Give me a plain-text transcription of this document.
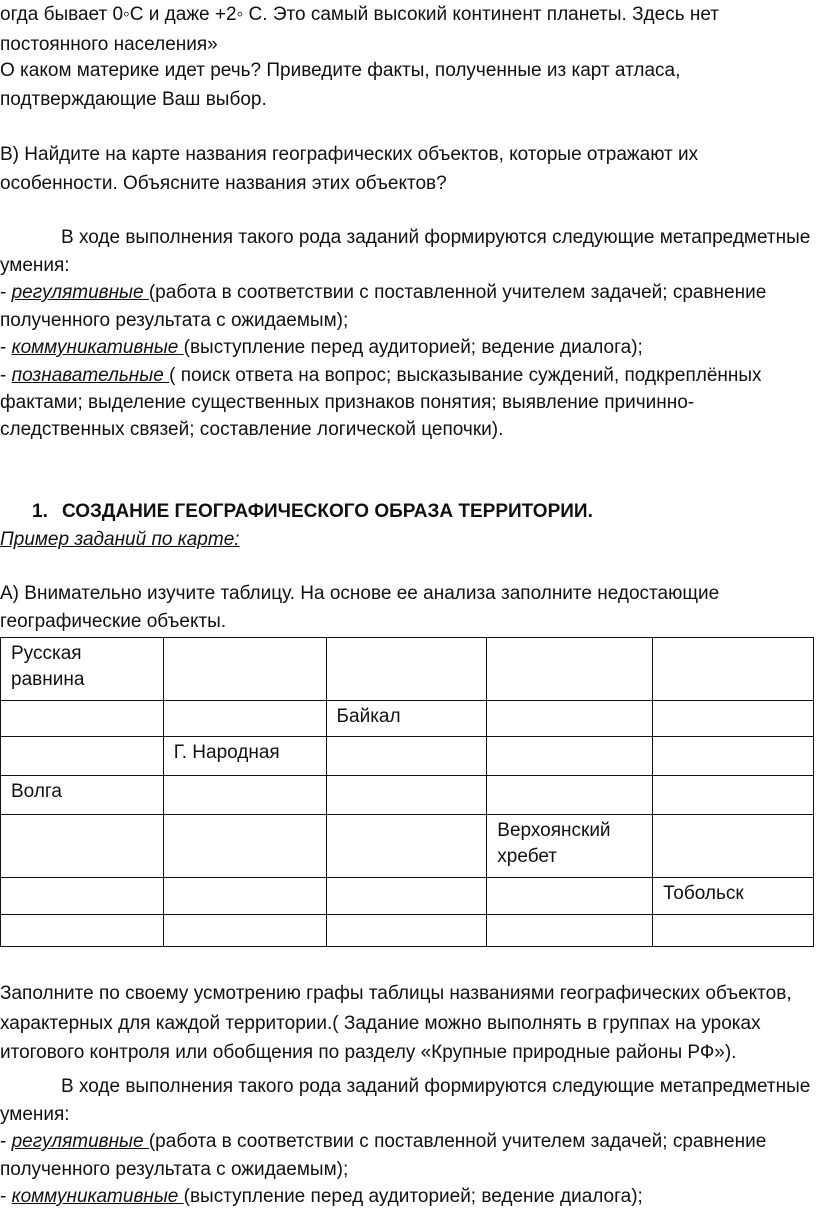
огда бывает 0◦С и даже +2◦ С. Это самый высокий континент планеты. Здесь нет
постоянного населения»
О каком материке идет речь? Приведите факты, полученные из карт атласа,
подтверждающие Ваш выбор.
В) Найдите на карте названия географических объектов, которые отражают их
особенности. Объясните названия этих объектов?
В ходе выполнения такого рода заданий формируются следующие метапредметные
умения:
- регулятивные (работа в соответствии с поставленной учителем задачей; сравнение
полученного результата с ожидаемым);
- коммуникативные (выступление перед аудиторией; ведение диалога);
- познавательные ( поиск ответа на вопрос; высказывание суждений, подкреплённых
фактами; выделение существенных признаков понятия; выявление причинно-
следственных связей; составление логической цепочки).
1. СОЗДАНИЕ ГЕОГРАФИЧЕСКОГО ОБРАЗА ТЕРРИТОРИИ.
Пример заданий по карте:
А) Внимательно изучите таблицу. На основе ее анализа заполните недостающие
географические объекты.
Русская равнина				
		Байкал		
	Г. Народная			
Волга				
			Верхоянский хребет	
				Тобольск

Заполните по своему усмотрению графы таблицы названиями географических объектов,
характерных для каждой территории.( Задание можно выполнять в группах на уроках
итогового контроля или обобщения по разделу «Крупные природные районы РФ»).
В ходе выполнения такого рода заданий формируются следующие метапредметные
умения:
- регулятивные (работа в соответствии с поставленной учителем задачей; сравнение
полученного результата с ожидаемым);
- коммуникативные (выступление перед аудиторией; ведение диалога);
